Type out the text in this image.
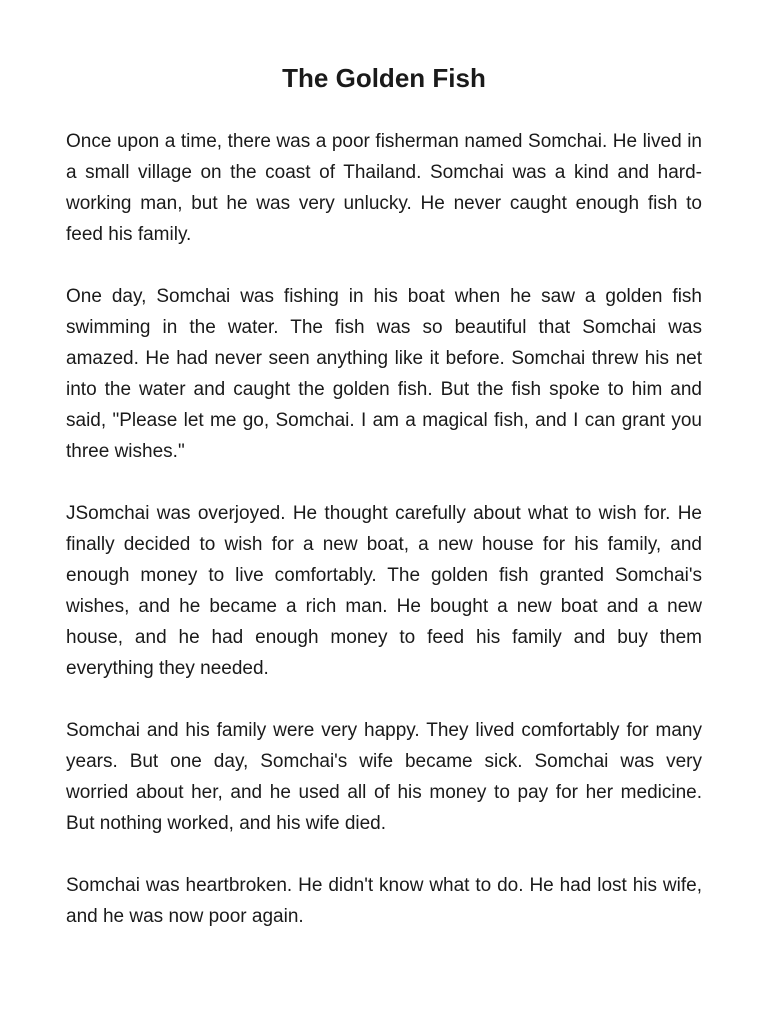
The Golden Fish

Once upon a time, there was a poor fisherman named Somchai. He lived in a small village on the coast of Thailand. Somchai was a kind and hard-working man, but he was very unlucky. He never caught enough fish to feed his family.

One day, Somchai was fishing in his boat when he saw a golden fish swimming in the water. The fish was so beautiful that Somchai was amazed. He had never seen anything like it before. Somchai threw his net into the water and caught the golden fish. But the fish spoke to him and said, "Please let me go, Somchai. I am a magical fish, and I can grant you three wishes."

JSomchai was overjoyed. He thought carefully about what to wish for. He finally decided to wish for a new boat, a new house for his family, and enough money to live comfortably. The golden fish granted Somchai's wishes, and he became a rich man. He bought a new boat and a new house, and he had enough money to feed his family and buy them everything they needed.

Somchai and his family were very happy. They lived comfortably for many years. But one day, Somchai's wife became sick. Somchai was very worried about her, and he used all of his money to pay for her medicine. But nothing worked, and his wife died.

Somchai was heartbroken. He didn't know what to do. He had lost his wife, and he was now poor again.
